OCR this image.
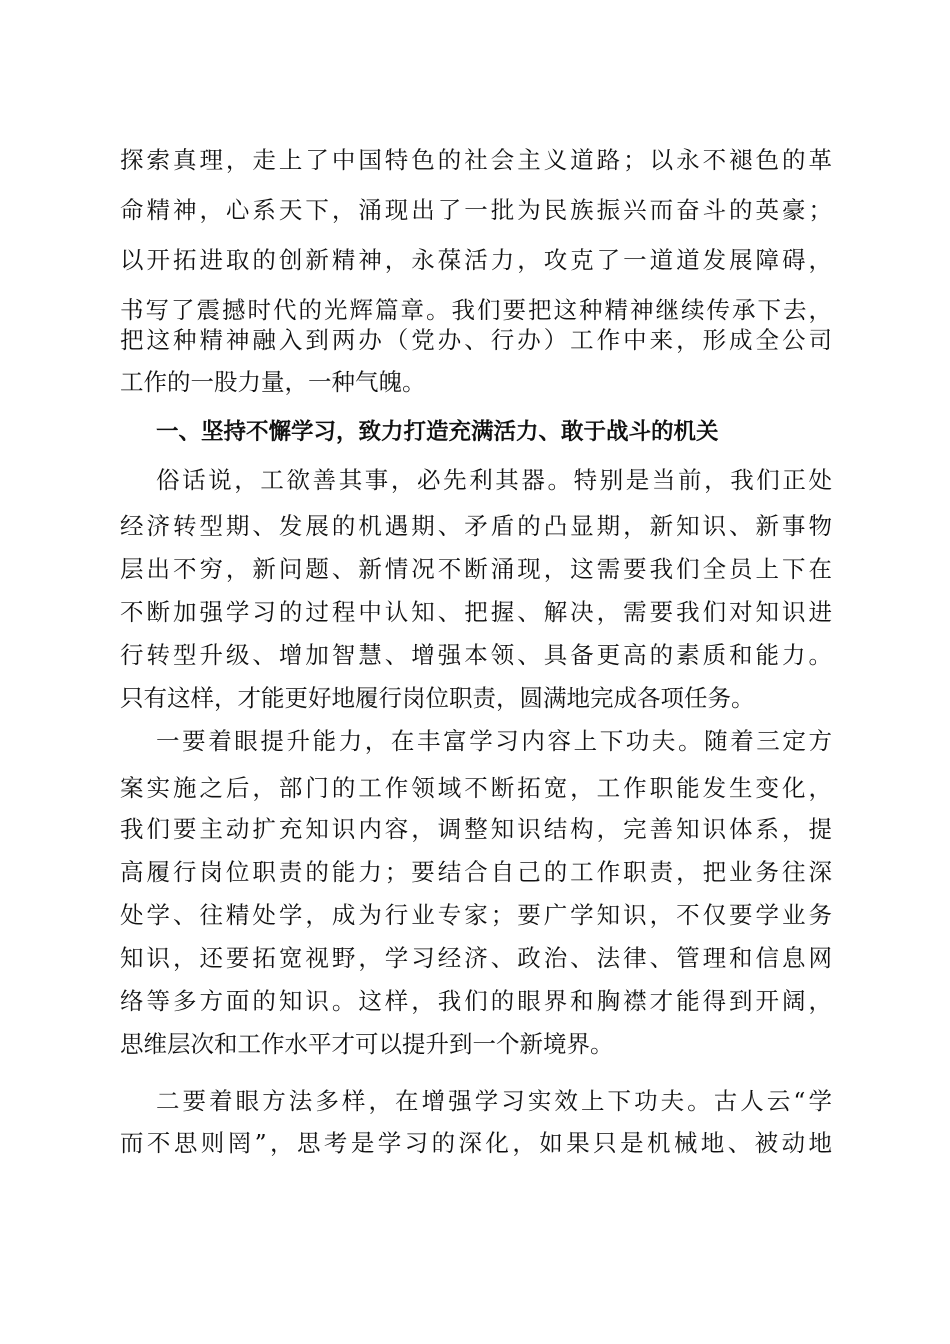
探索真理，走上了中国特色的社会主义道路；以永不褪色的革
命精神，心系天下，涌现出了一批为民族振兴而奋斗的英豪；
以开拓进取的创新精神，永葆活力，攻克了一道道发展障碍，
书写了震撼时代的光辉篇章。我们要把这种精神继续传承下去，
把这种精神融入到两办（党办、行办）工作中来，形成全公司
工作的一股力量，一种气魄。
一、坚持不懈学习，致力打造充满活力、敢于战斗的机关
俗话说，工欲善其事，必先利其器。特别是当前，我们正处
经济转型期、发展的机遇期、矛盾的凸显期，新知识、新事物
层出不穷，新问题、新情况不断涌现，这需要我们全员上下在
不断加强学习的过程中认知、把握、解决，需要我们对知识进
行转型升级、增加智慧、增强本领、具备更高的素质和能力。
只有这样，才能更好地履行岗位职责，圆满地完成各项任务。
一要着眼提升能力，在丰富学习内容上下功夫。随着三定方
案实施之后，部门的工作领域不断拓宽，工作职能发生变化，
我们要主动扩充知识内容，调整知识结构，完善知识体系，提
高履行岗位职责的能力；要结合自己的工作职责，把业务往深
处学、往精处学，成为行业专家；要广学知识，不仅要学业务
知识，还要拓宽视野，学习经济、政治、法律、管理和信息网
络等多方面的知识。这样，我们的眼界和胸襟才能得到开阔，
思维层次和工作水平才可以提升到一个新境界。
二要着眼方法多样，在增强学习实效上下功夫。古人云“学
而不思则罔”，思考是学习的深化，如果只是机械地、被动地
